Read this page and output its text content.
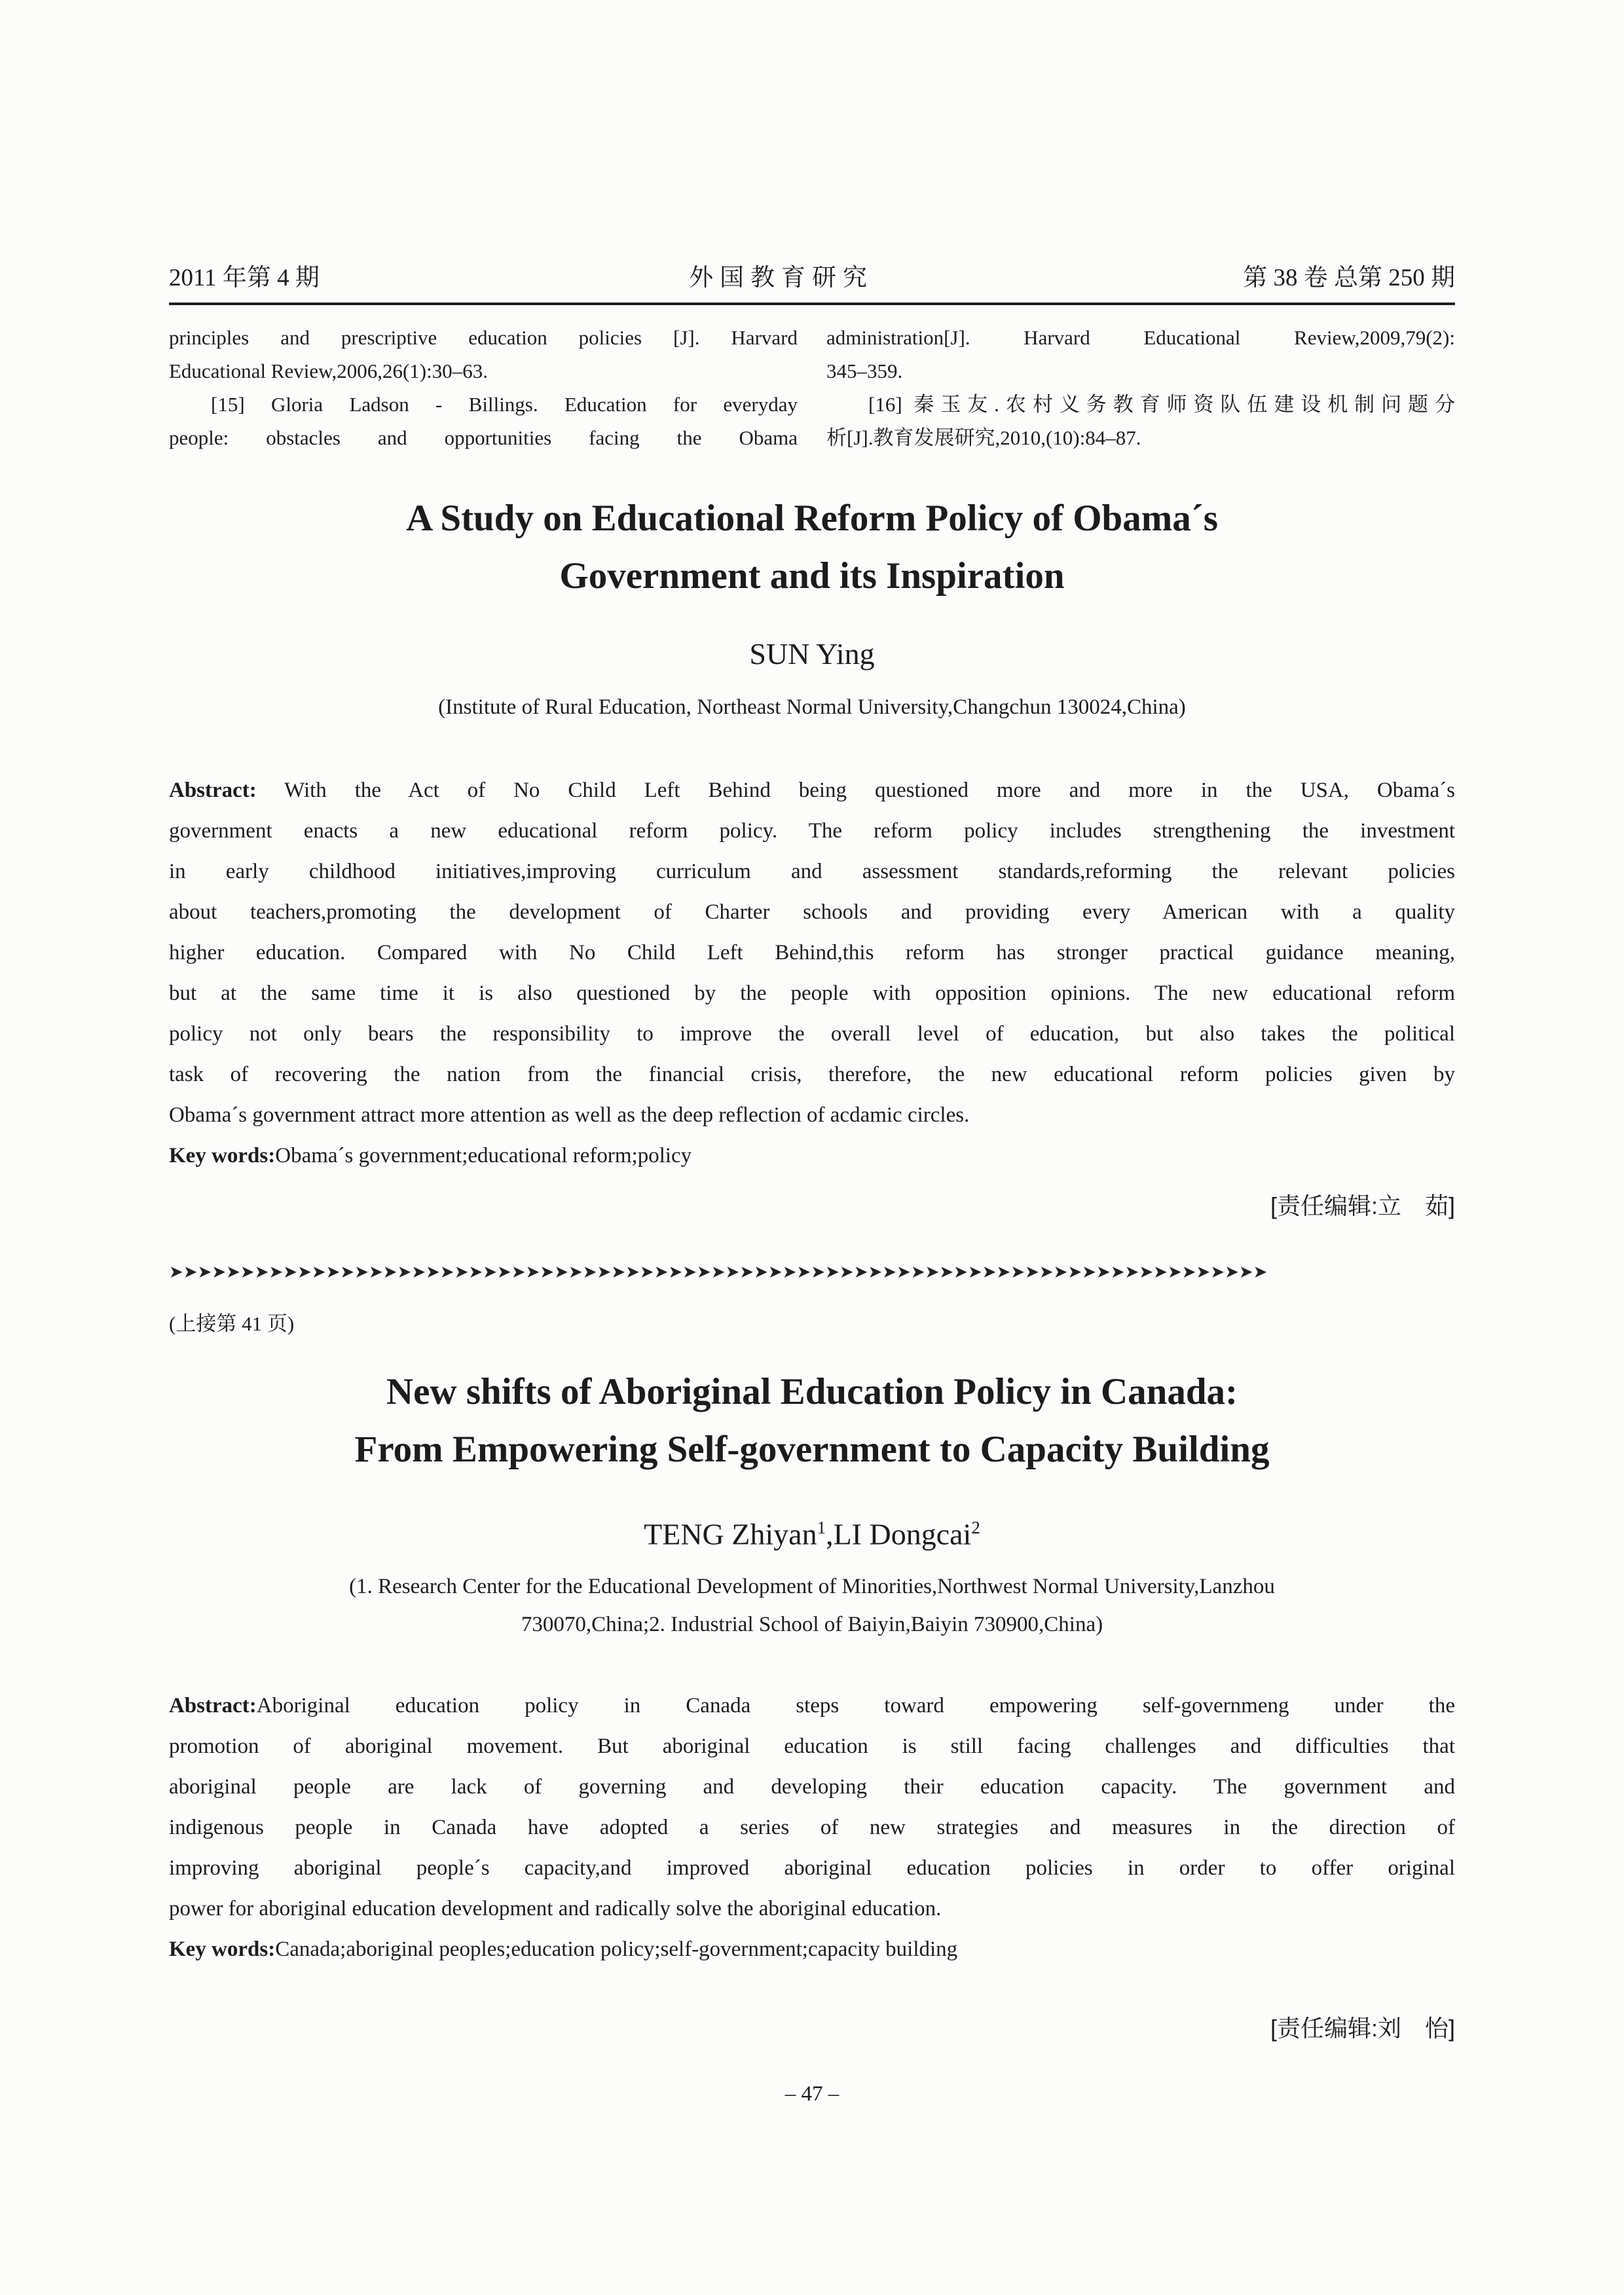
2011 年第 4 期	外国教育研究	第 38 卷 总第 250 期
principles and prescriptive education policies [J]. Harvard
Educational Review,2006,26(1):30–63.
[15] Gloria Ladson - Billings. Education for everyday
people: obstacles and opportunities facing the Obama
administration[J]. Harvard Educational Review,2009,79(2):
345–359.
[16] 秦玉友.农村义务教育师资队伍建设机制问题分
析[J].教育发展研究,2010,(10):84–87.
A Study on Educational Reform Policy of Obama´s
Government and its Inspiration
SUN Ying
(Institute of Rural Education, Northeast Normal University,Changchun 130024,China)
Abstract: With the Act of No Child Left Behind being questioned more and more in the USA, Obama´s
government enacts a new educational reform policy. The reform policy includes strengthening the investment
in early childhood initiatives,improving curriculum and assessment standards,reforming the relevant policies
about teachers,promoting the development of Charter schools and providing every American with a quality
higher education. Compared with No Child Left Behind,this reform has stronger practical guidance meaning,
but at the same time it is also questioned by the people with opposition opinions. The new educational reform
policy not only bears the responsibility to improve the overall level of education, but also takes the political
task of recovering the nation from the financial crisis, therefore, the new educational reform policies given by
Obama´s government attract more attention as well as the deep reflection of acdamic circles.
Key words:Obama´s government;educational reform;policy
[责任编辑:立　茹]
➤➤➤➤➤➤➤➤➤➤➤➤➤➤➤➤➤➤➤➤➤➤➤➤➤➤➤➤➤➤➤➤➤➤➤➤➤➤➤➤➤➤➤➤➤➤➤➤➤➤➤➤➤➤➤➤➤➤➤➤➤➤➤➤➤➤➤➤➤➤➤➤➤➤➤➤➤
(上接第 41 页)
New shifts of Aboriginal Education Policy in Canada:
From Empowering Self-government to Capacity Building
TENG Zhiyan$^1$,LI Dongcai$^2$
(1. Research Center for the Educational Development of Minorities,Northwest Normal University,Lanzhou
730070,China;2. Industrial School of Baiyin,Baiyin 730900,China)
Abstract:Aboriginal education policy in Canada steps toward empowering self-governmeng under the
promotion of aboriginal movement. But aboriginal education is still facing challenges and difficulties that
aboriginal people are lack of governing and developing their education capacity. The government and
indigenous people in Canada have adopted a series of new strategies and measures in the direction of
improving aboriginal people´s capacity,and improved aboriginal education policies in order to offer original
power for aboriginal education development and radically solve the aboriginal education.
Key words:Canada;aboriginal peoples;education policy;self-government;capacity building
[责任编辑:刘　怡]
– 47 –
